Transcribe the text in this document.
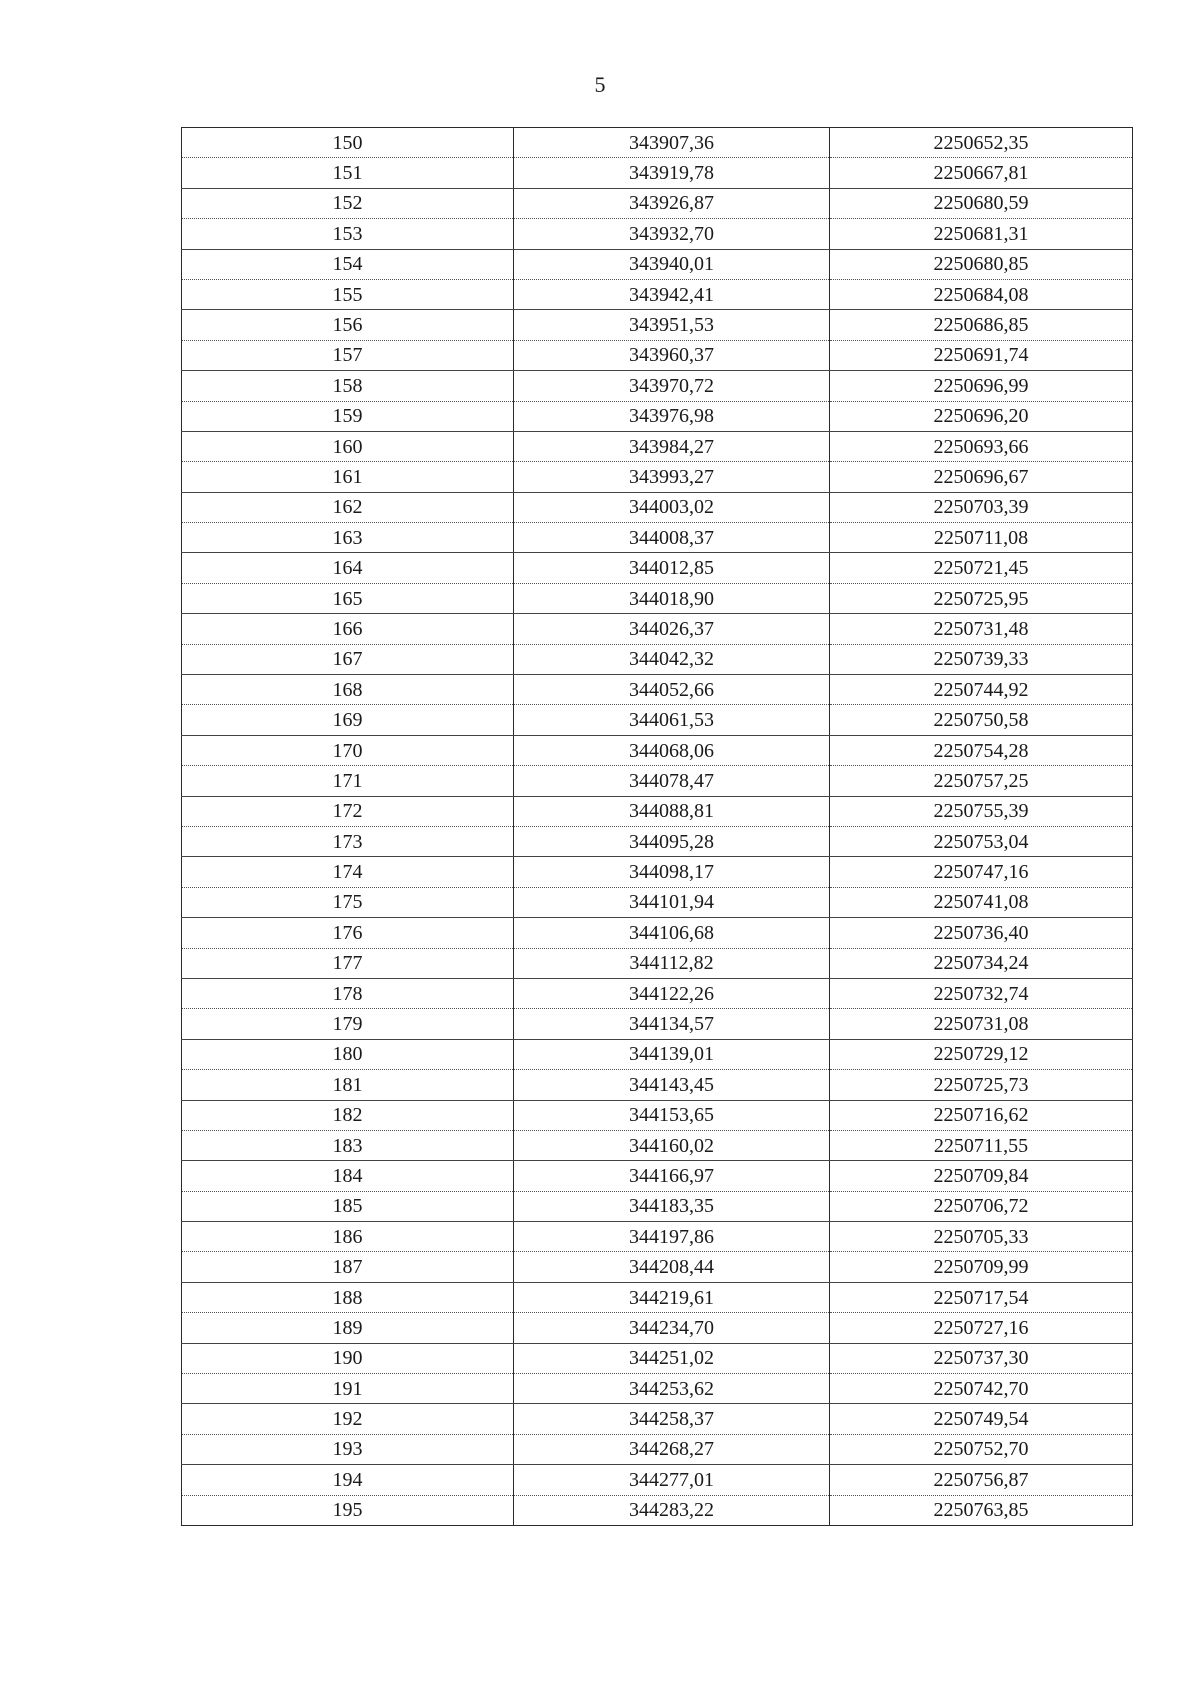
5
150	343907,36	2250652,35
151	343919,78	2250667,81
152	343926,87	2250680,59
153	343932,70	2250681,31
154	343940,01	2250680,85
155	343942,41	2250684,08
156	343951,53	2250686,85
157	343960,37	2250691,74
158	343970,72	2250696,99
159	343976,98	2250696,20
160	343984,27	2250693,66
161	343993,27	2250696,67
162	344003,02	2250703,39
163	344008,37	2250711,08
164	344012,85	2250721,45
165	344018,90	2250725,95
166	344026,37	2250731,48
167	344042,32	2250739,33
168	344052,66	2250744,92
169	344061,53	2250750,58
170	344068,06	2250754,28
171	344078,47	2250757,25
172	344088,81	2250755,39
173	344095,28	2250753,04
174	344098,17	2250747,16
175	344101,94	2250741,08
176	344106,68	2250736,40
177	344112,82	2250734,24
178	344122,26	2250732,74
179	344134,57	2250731,08
180	344139,01	2250729,12
181	344143,45	2250725,73
182	344153,65	2250716,62
183	344160,02	2250711,55
184	344166,97	2250709,84
185	344183,35	2250706,72
186	344197,86	2250705,33
187	344208,44	2250709,99
188	344219,61	2250717,54
189	344234,70	2250727,16
190	344251,02	2250737,30
191	344253,62	2250742,70
192	344258,37	2250749,54
193	344268,27	2250752,70
194	344277,01	2250756,87
195	344283,22	2250763,85
